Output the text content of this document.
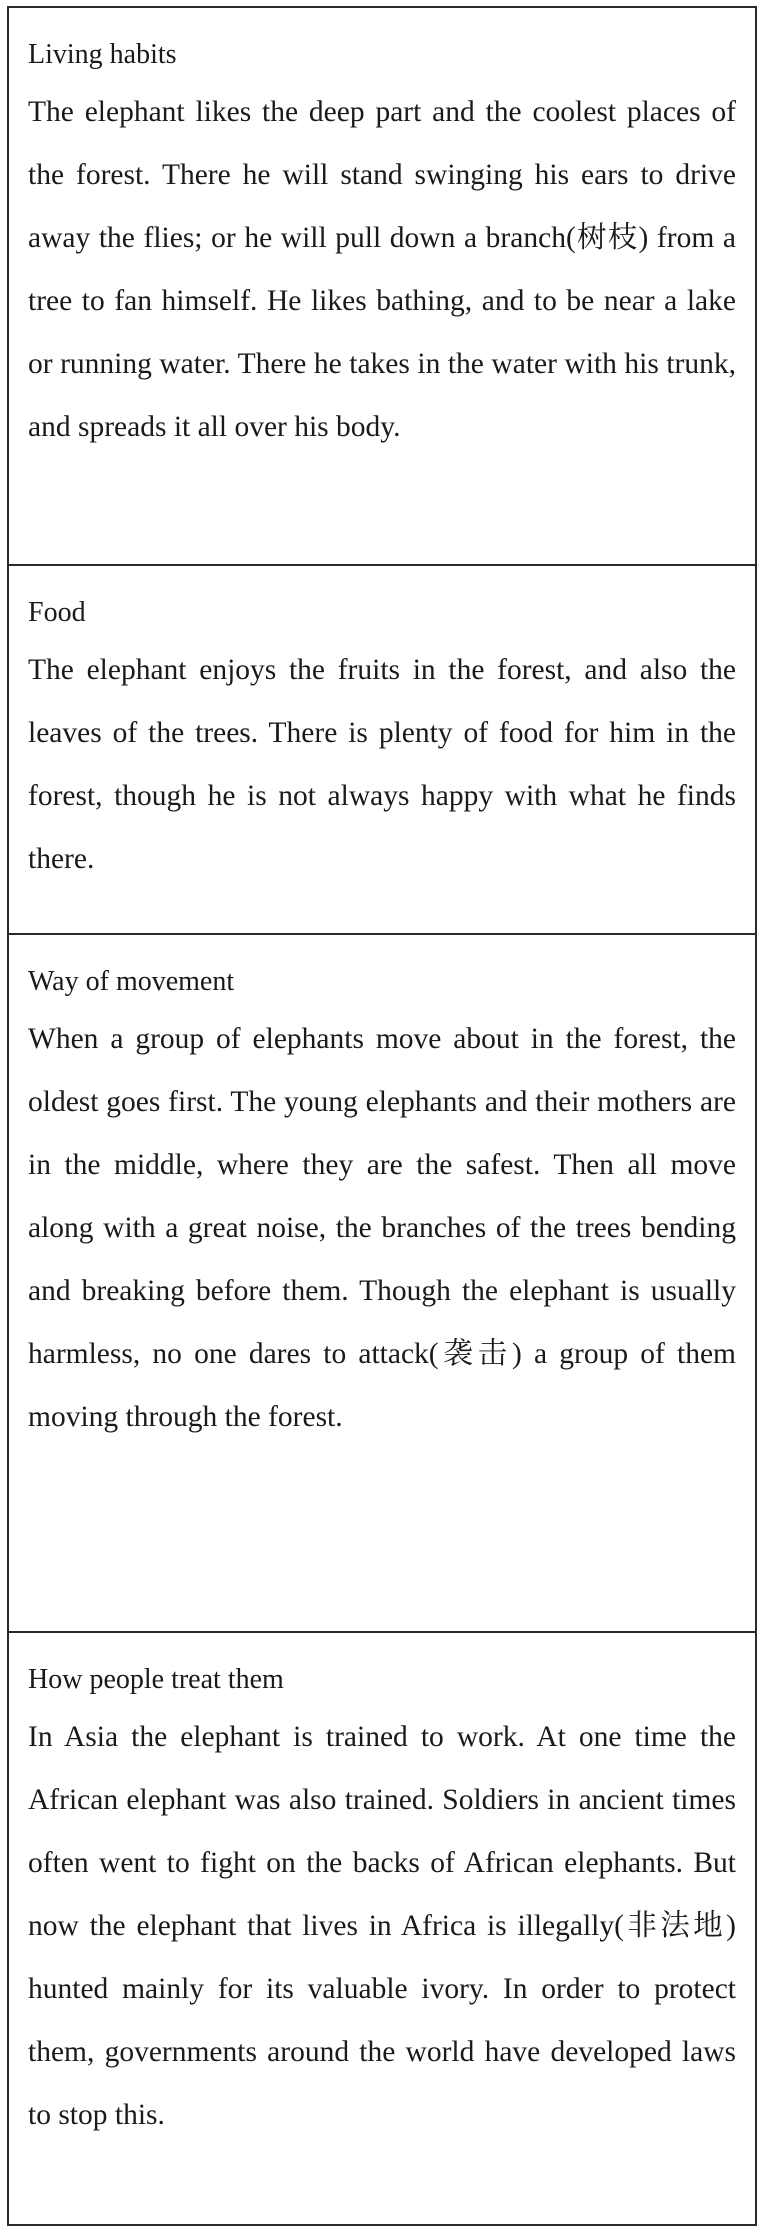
Living habits

The elephant likes the deep part and the coolest places of the forest. There he will stand swinging his ears to drive away the flies; or he will pull down a branch(树枝) from a tree to fan himself. He likes bathing, and to be near a lake or running water. There he takes in the water with his trunk, and spreads it all over his body.

Food

The elephant enjoys the fruits in the forest, and also the leaves of the trees. There is plenty of food for him in the forest, though he is not always happy with what he finds there.

Way of movement

When a group of elephants move about in the forest, the oldest goes first. The young elephants and their mothers are in the middle, where they are the safest. Then all move along with a great noise, the branches of the trees bending and breaking before them. Though the elephant is usually harmless, no one dares to attack(袭击) a group of them moving through the forest.

How people treat them

In Asia the elephant is trained to work. At one time the African elephant was also trained. Soldiers in ancient times often went to fight on the backs of African elephants. But now the elephant that lives in Africa is illegally(非法地) hunted mainly for its valuable ivory. In order to protect them, governments around the world have developed laws to stop this.
